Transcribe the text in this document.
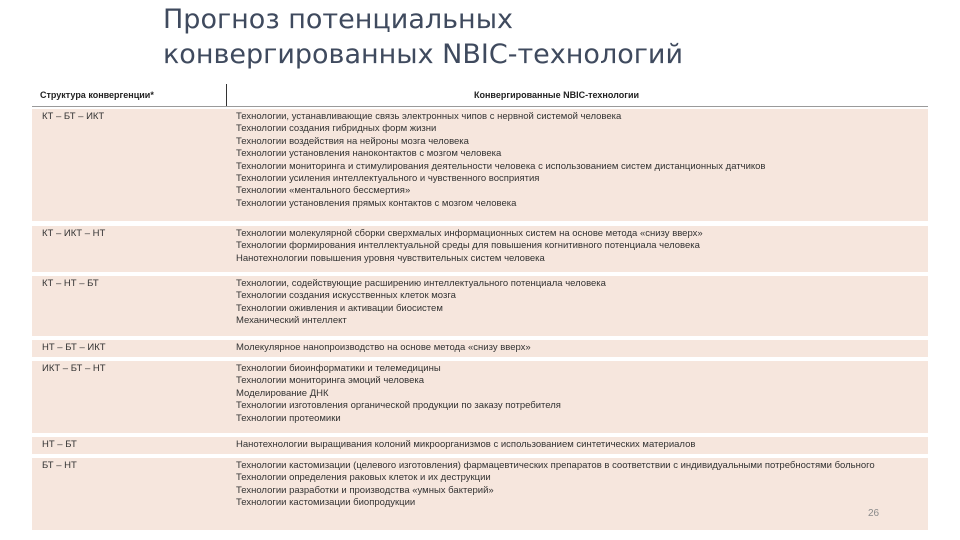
Прогноз потенциальных
конвергированных NBIC-технологий
Структура конвергенции*	Конвергированные NBIC-технологии
КТ – БТ – ИКТ	Технологии, устанавливающие связь электронных чипов с нервной системой человека
Технологии создания гибридных форм жизни
Технологии воздействия на нейроны мозга человека
Технологии установления наноконтактов с мозгом человека
Технологии мониторинга и стимулирования деятельности человека с использованием систем дистанционных датчиков
Технологии усиления интеллектуального и чувственного восприятия
Технологии «ментального бессмертия»
Технологии установления прямых контактов с мозгом человека
КТ – ИКТ – НТ	Технологии молекулярной сборки сверхмалых информационных систем на основе метода «снизу вверх»
Технологии формирования интеллектуальной среды для повышения когнитивного потенциала человека
Нанотехнологии повышения уровня чувствительных систем человека
КТ – НТ – БТ	Технологии, содействующие расширению интеллектуального потенциала человека
Технологии создания искусственных клеток мозга
Технологии оживления и активации биосистем
Механический интеллект
НТ – БТ – ИКТ	Молекулярное нанопроизводство на основе метода «снизу вверх»
ИКТ – БТ – НТ	Технологии биоинформатики и телемедицины
Технологии мониторинга эмоций человека
Моделирование ДНК
Технологии изготовления органической продукции по заказу потребителя
Технологии протеомики
НТ – БТ	Нанотехнологии выращивания колоний микроорганизмов с использованием синтетических материалов
БТ – НТ	Технологии кастомизации (целевого изготовления) фармацевтических препаратов в соответствии с индивидуальными потребностями больного
Технологии определения раковых клеток и их деструкции
Технологии разработки и производства «умных бактерий»
Технологии кастомизации биопродукции
26
